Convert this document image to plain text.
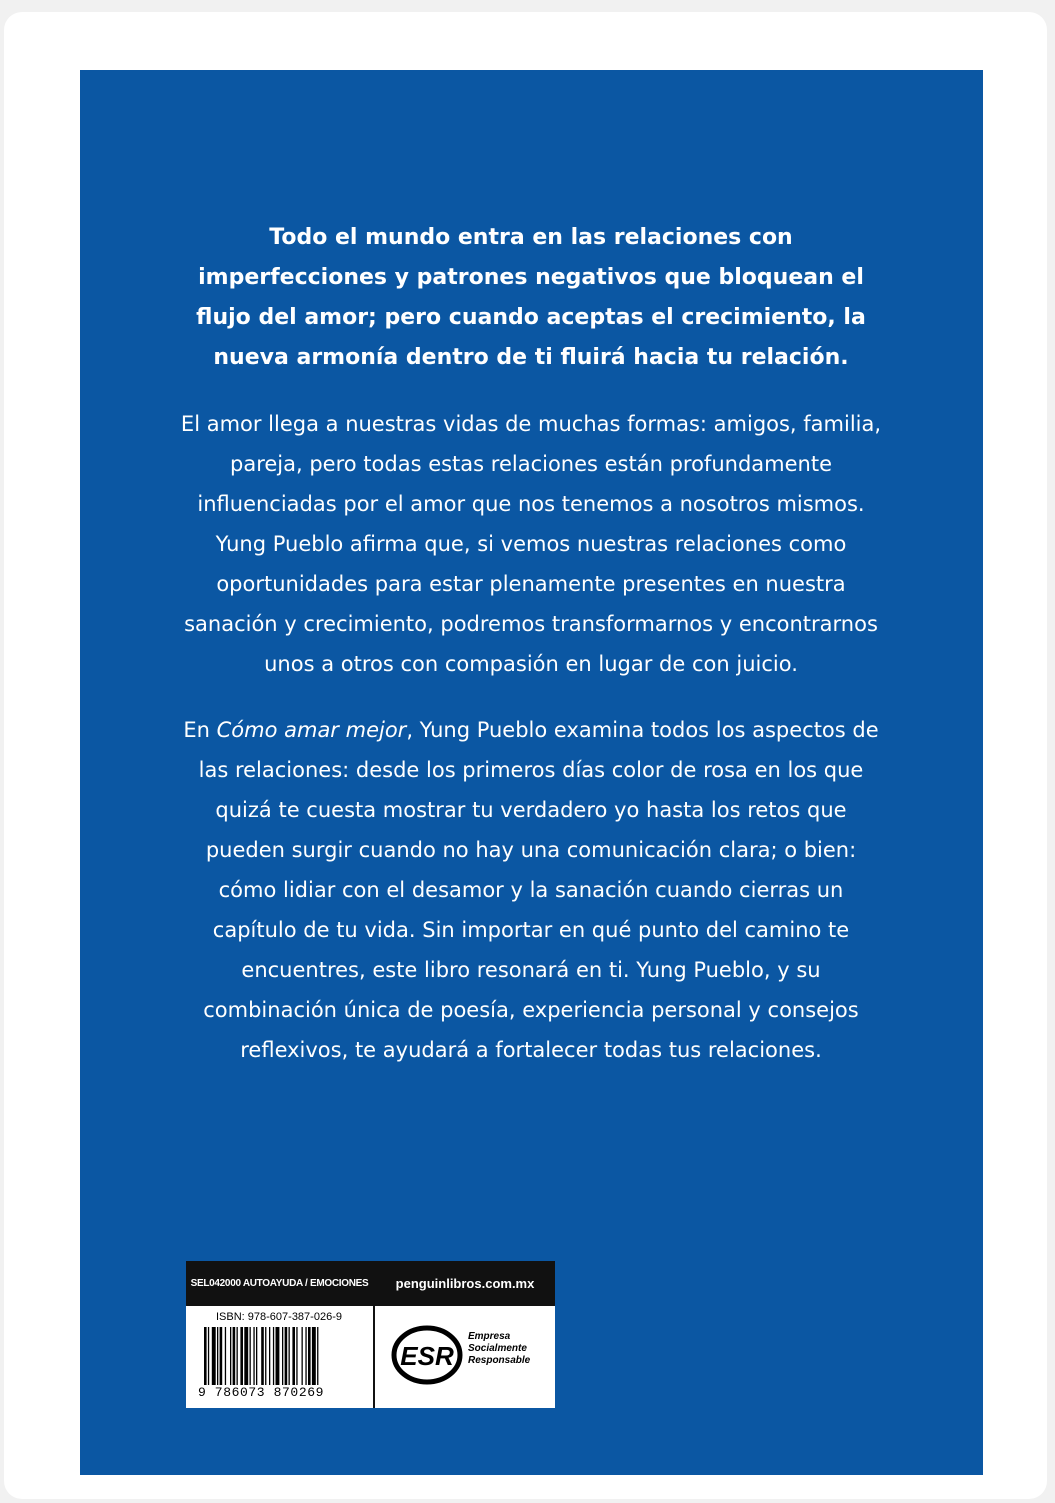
Todo el mundo entra en las relaciones con imperfecciones y patrones negativos que bloquean el flujo del amor; pero cuando aceptas el crecimiento, la nueva armonía dentro de ti fluirá hacia tu relación.

El amor llega a nuestras vidas de muchas formas: amigos, familia, pareja, pero todas estas relaciones están profundamente influenciadas por el amor que nos tenemos a nosotros mismos. Yung Pueblo afirma que, si vemos nuestras relaciones como oportunidades para estar plenamente presentes en nuestra sanación y crecimiento, podremos transformarnos y encontrarnos unos a otros con compasión en lugar de con juicio.

En Cómo amar mejor, Yung Pueblo examina todos los aspectos de las relaciones: desde los primeros días color de rosa en los que quizá te cuesta mostrar tu verdadero yo hasta los retos que pueden surgir cuando no hay una comunicación clara; o bien: cómo lidiar con el desamor y la sanación cuando cierras un capítulo de tu vida. Sin importar en qué punto del camino te encuentres, este libro resonará en ti. Yung Pueblo, y su combinación única de poesía, experiencia personal y consejos reflexivos, te ayudará a fortalecer todas tus relaciones.

SEL042000 AUTOAYUDA / EMOCIONES	penguinlibros.com.mx
ISBN: 978-607-387-026-9
9 786073 870269
ESR
Empresa
Socialmente
Responsable
